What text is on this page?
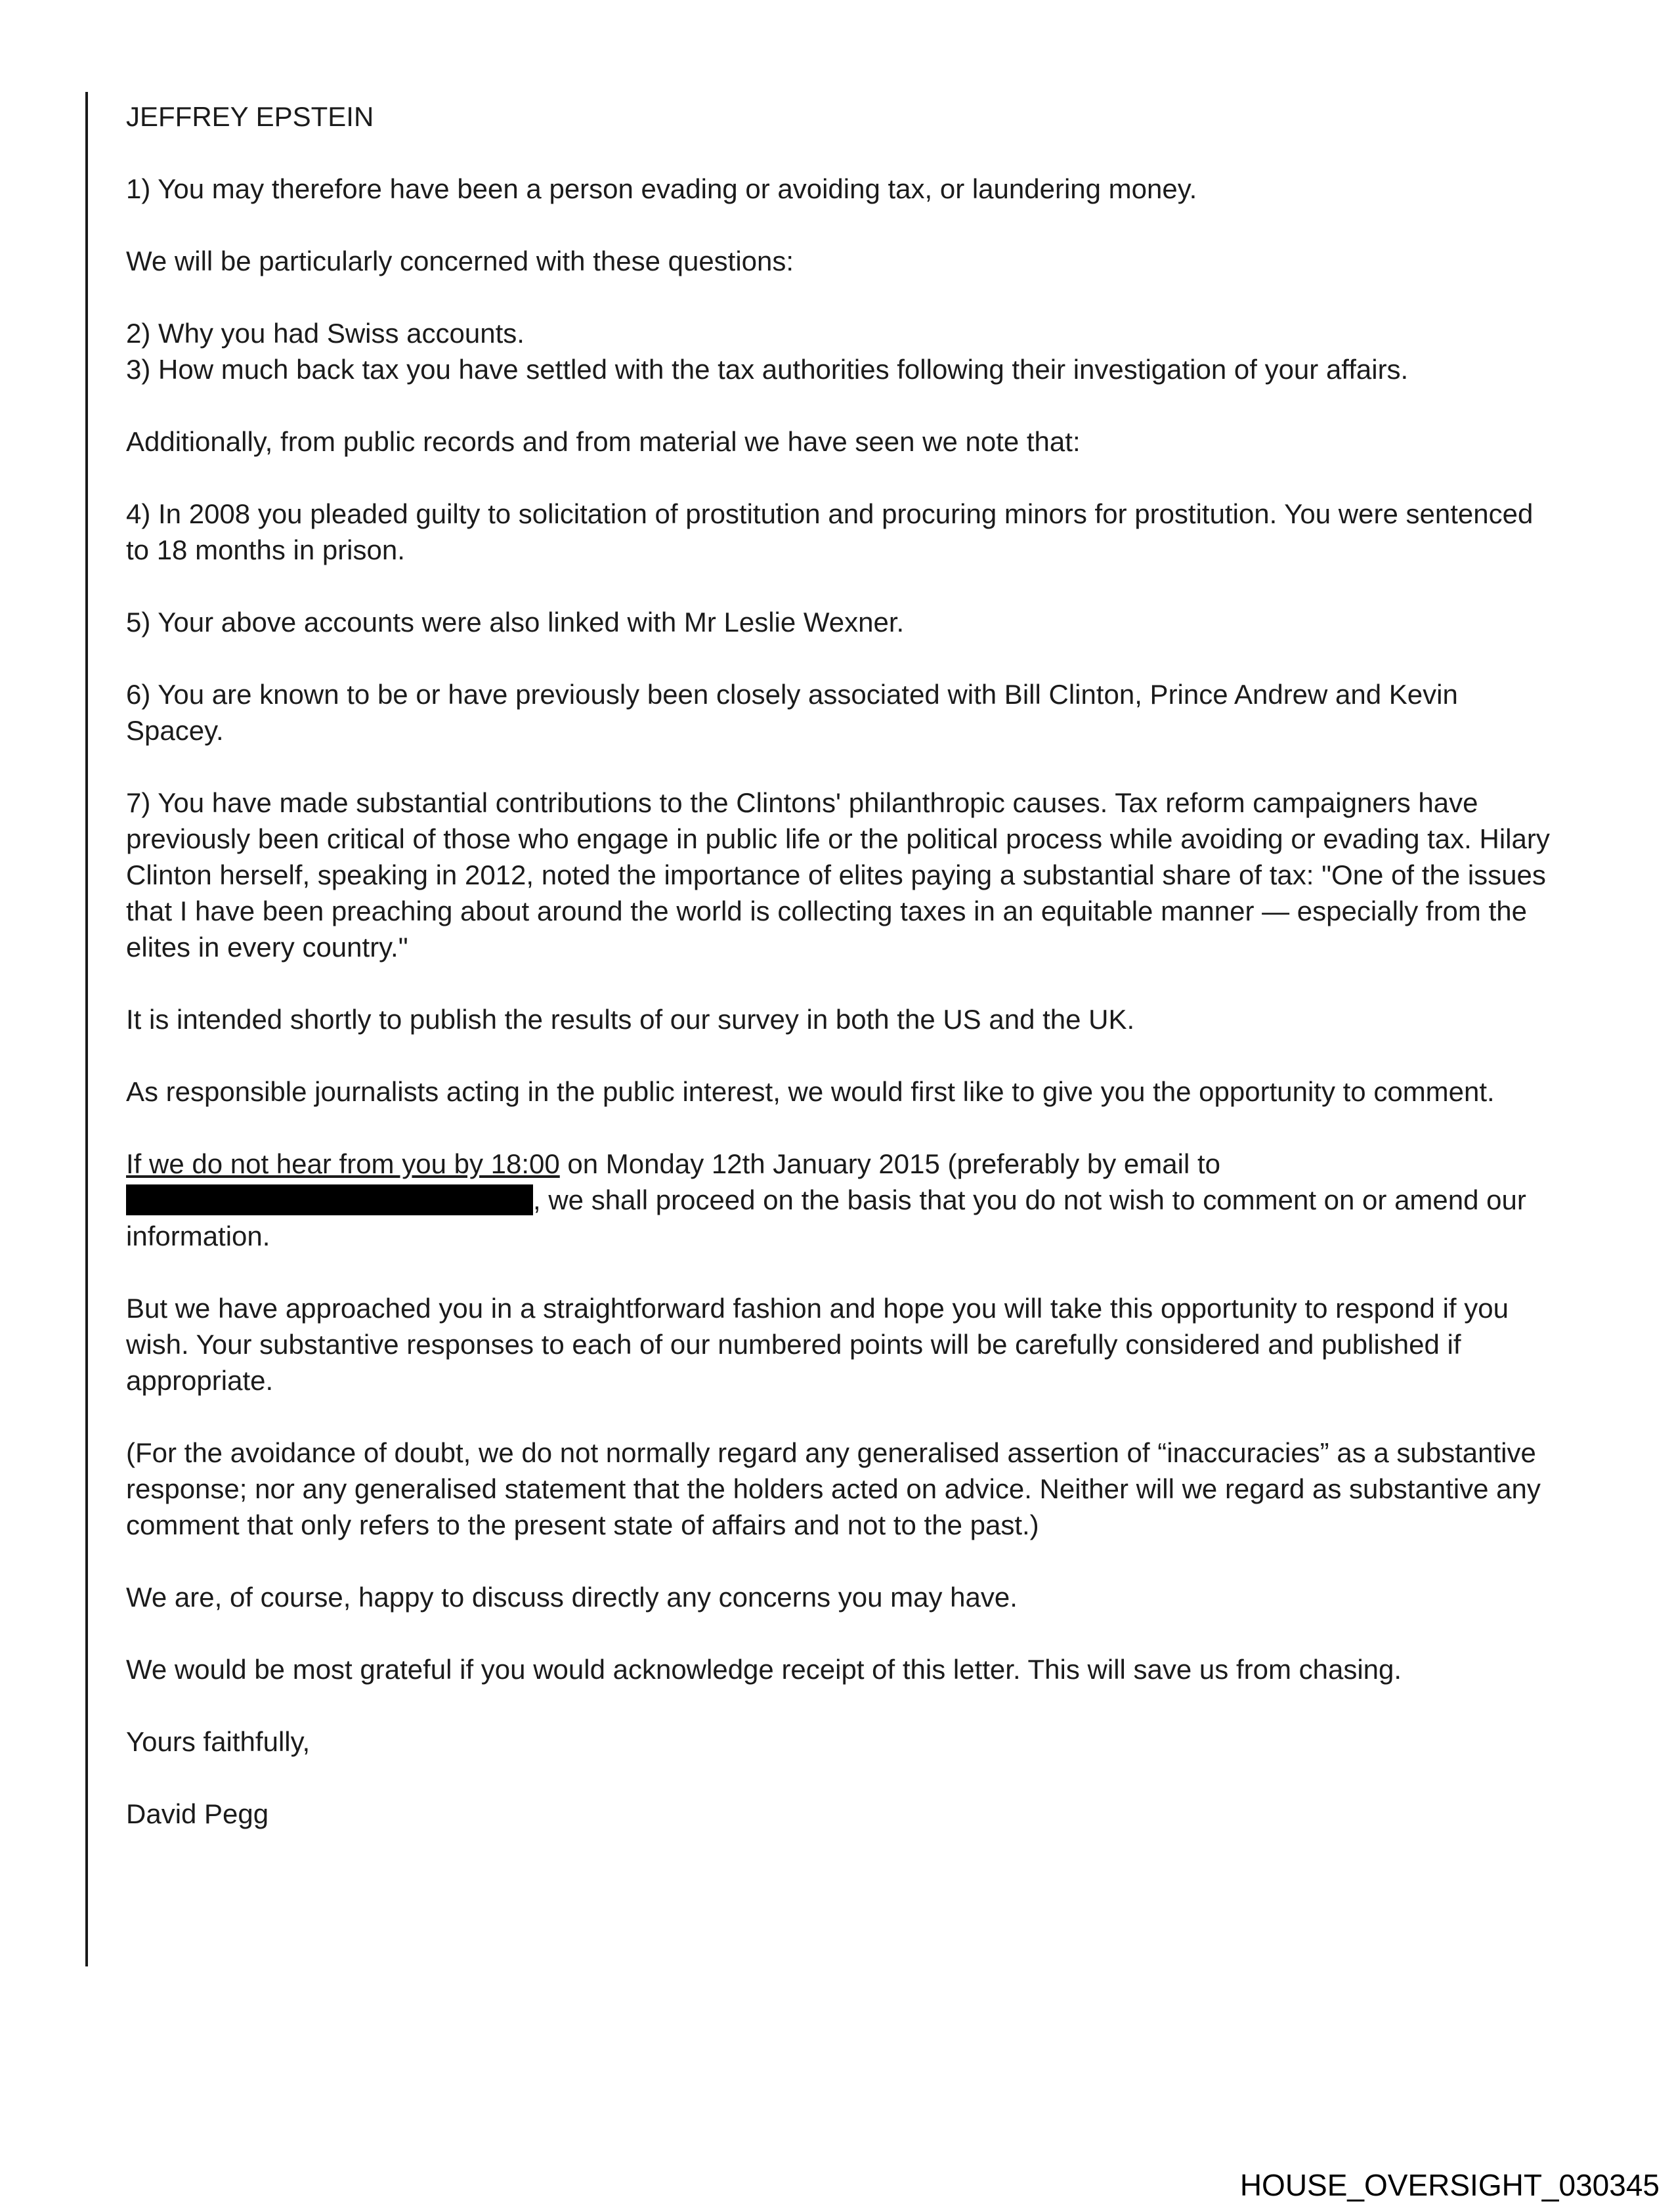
JEFFREY EPSTEIN

1) You may therefore have been a person evading or avoiding tax, or laundering money.

We will be particularly concerned with these questions:

2) Why you had Swiss accounts.
3) How much back tax you have settled with the tax authorities following their investigation of your affairs.

Additionally, from public records and from material we have seen we note that:

4) In 2008 you pleaded guilty to solicitation of prostitution and procuring minors for prostitution. You were sentenced to 18 months in prison.

5) Your above accounts were also linked with Mr Leslie Wexner.

6) You are known to be or have previously been closely associated with Bill Clinton, Prince Andrew and Kevin Spacey.

7) You have made substantial contributions to the Clintons' philanthropic causes. Tax reform campaigners have previously been critical of those who engage in public life or the political process while avoiding or evading tax. Hilary Clinton herself, speaking in 2012, noted the importance of elites paying a substantial share of tax: "One of the issues that I have been preaching about around the world is collecting taxes in an equitable manner — especially from the elites in every country."

It is intended shortly to publish the results of our survey in both the US and the UK.

As responsible journalists acting in the public interest, we would first like to give you the opportunity to comment.

If we do not hear from you by 18:00 on Monday 12th January 2015 (preferably by email to , we shall proceed on the basis that you do not wish to comment on or amend our information.

But we have approached you in a straightforward fashion and hope you will take this opportunity to respond if you wish. Your substantive responses to each of our numbered points will be carefully considered and published if appropriate.

(For the avoidance of doubt, we do not normally regard any generalised assertion of “inaccuracies” as a substantive response; nor any generalised statement that the holders acted on advice. Neither will we regard as substantive any comment that only refers to the present state of affairs and not to the past.)

We are, of course, happy to discuss directly any concerns you may have.

We would be most grateful if you would acknowledge receipt of this letter. This will save us from chasing.

Yours faithfully,

David Pegg

HOUSE_OVERSIGHT_030345
